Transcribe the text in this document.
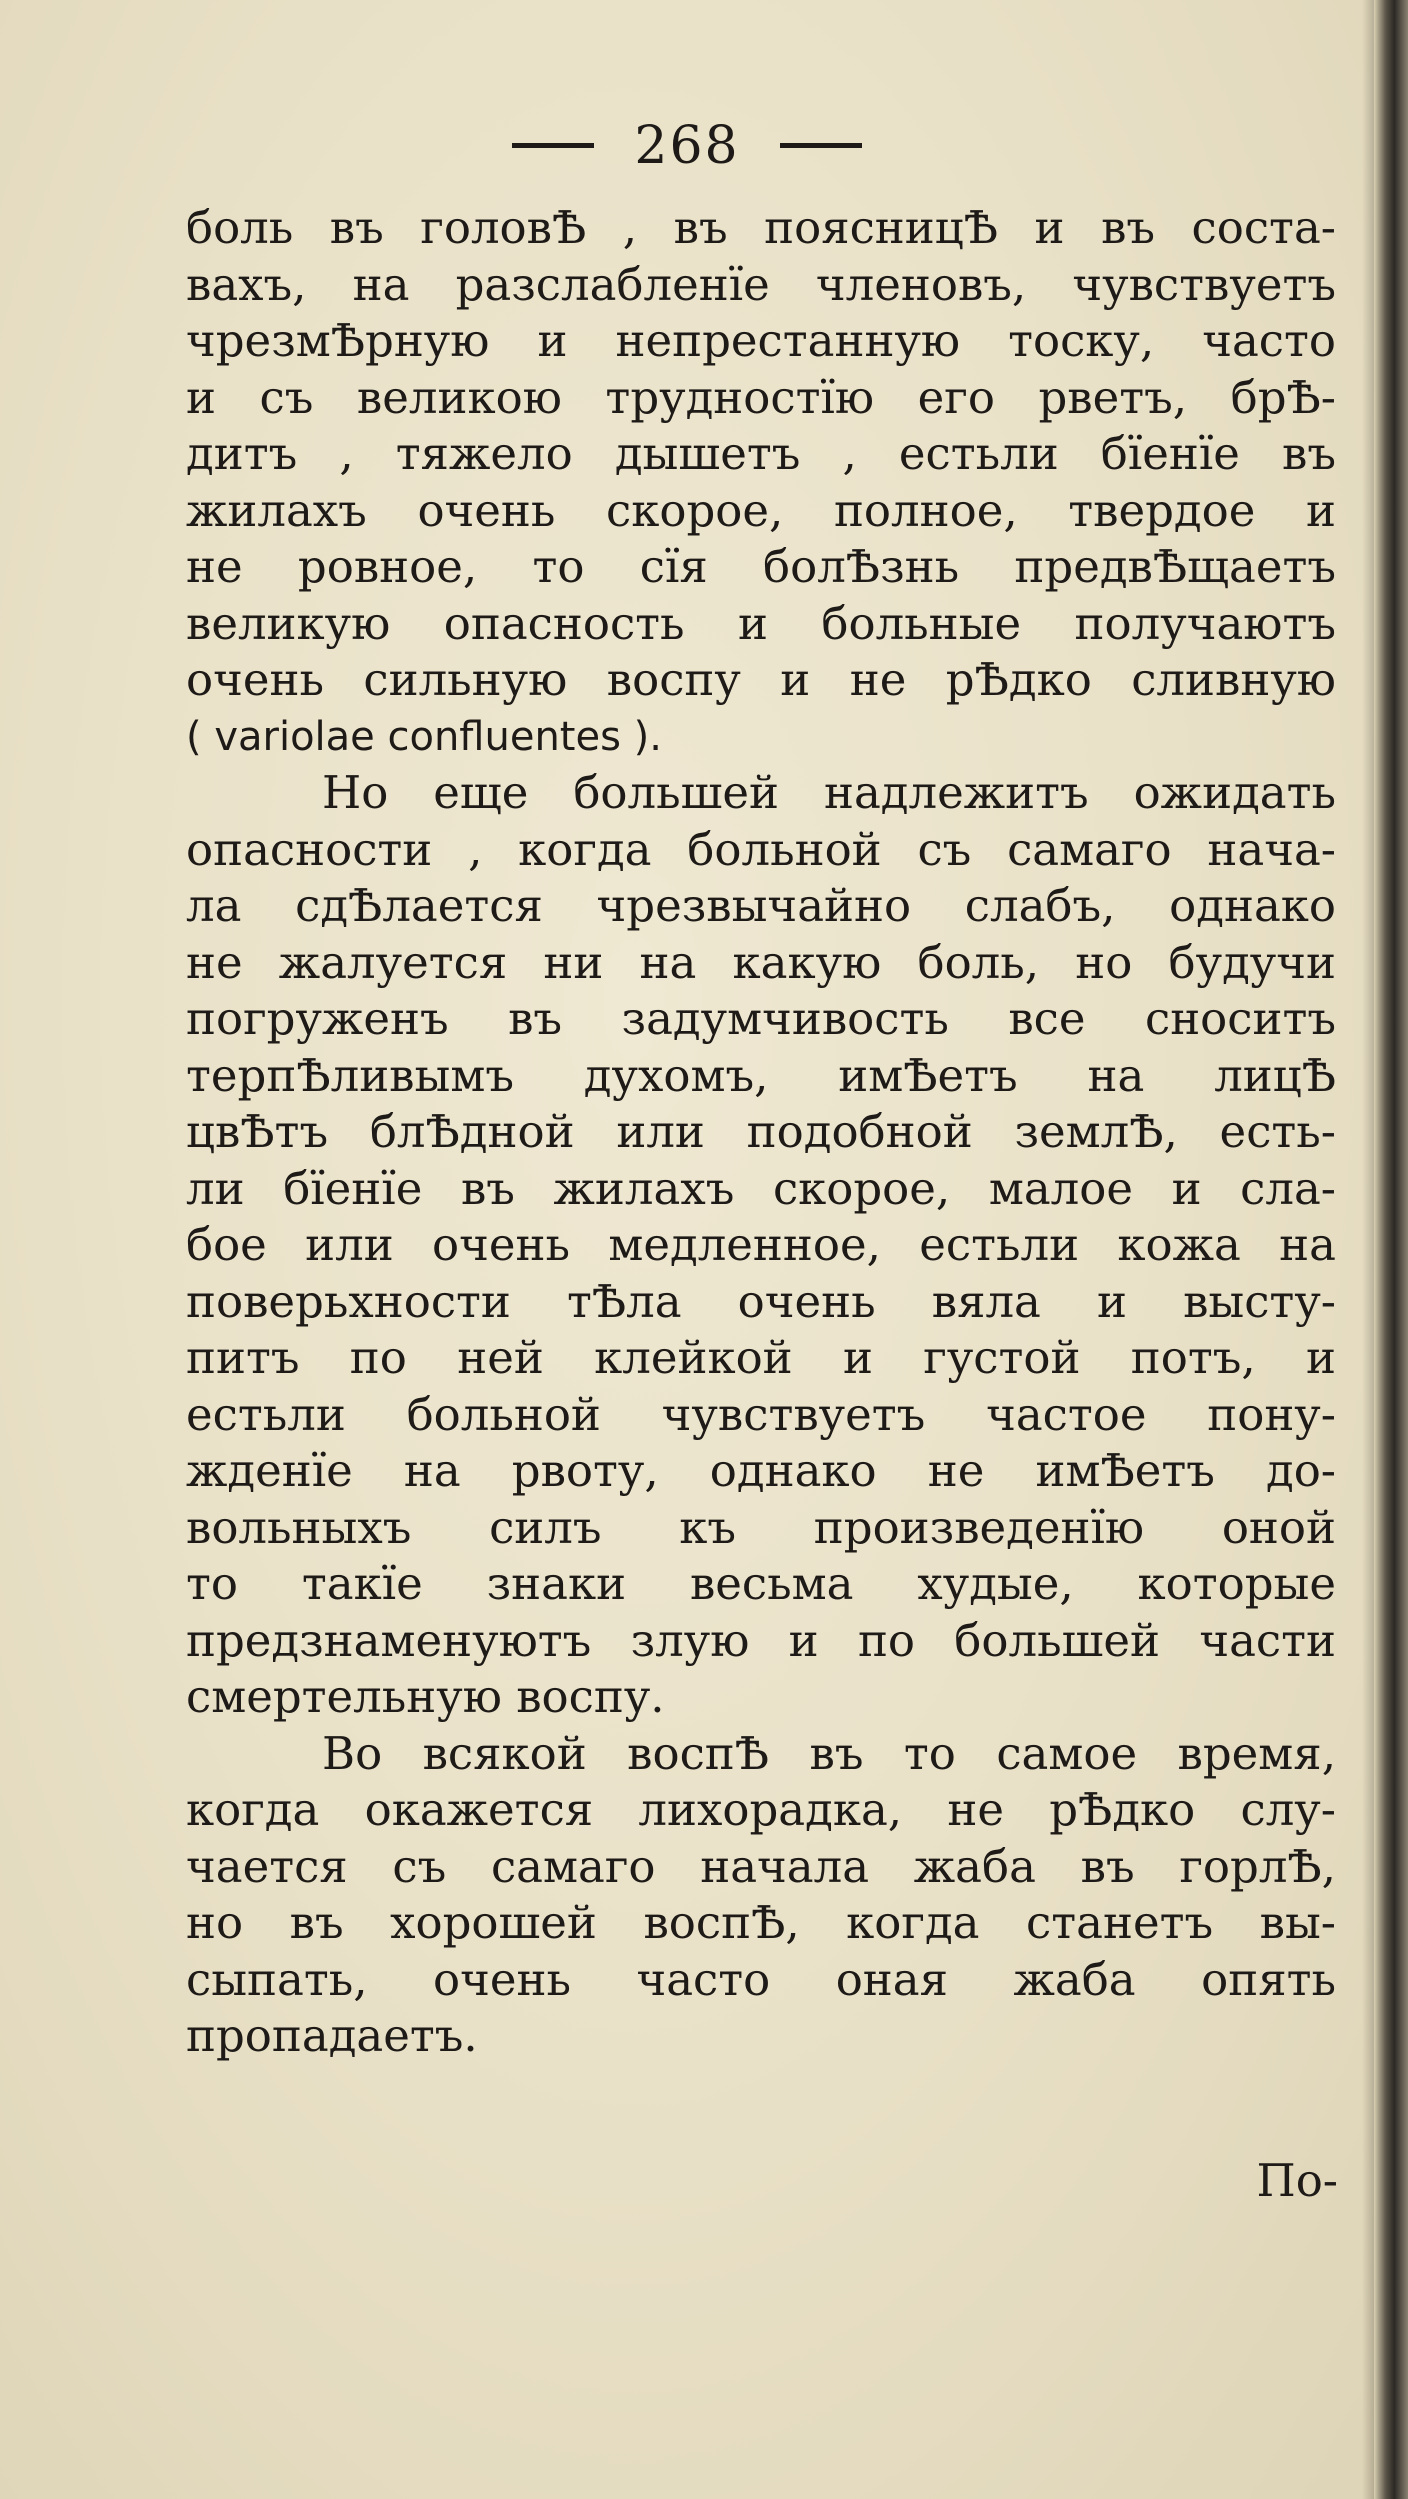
268
боль въ головѢ , въ поясницѢ и въ соста-
вахъ, на разслабленїе членовъ, чувствуетъ
чрезмѢрную и непрестанную тоску, часто
и съ великою трудностїю его рветъ, брѢ-
дитъ , тяжело дышетъ , естьли бїенїе въ
жилахъ очень скорое, полное, твердое и
не ровное, то сїя болѢзнь предвѢщаетъ
великую опасность и больные получаютъ
очень сильную воспу и не рѢдко сливную
( variolae confluentes ).
Но еще большей надлежитъ ожидать
опасности , когда больной съ самаго нача-
ла сдѢлается чрезвычайно слабъ, однако
не жалуется ни на какую боль, но будучи
погруженъ въ задумчивость все сноситъ
терпѢливымъ духомъ, имѢетъ на лицѢ
цвѢтъ блѢдной или подобной землѢ, есть-
ли бїенїе въ жилахъ скорое, малое и сла-
бое или очень медленное, естьли кожа на
поверьхности тѢла очень вяла и высту-
питъ по ней клейкой и густой потъ, и
естьли больной чувствуетъ частое пону-
жденїе на рвоту, однако не имѢетъ до-
вольныхъ силъ къ произведенїю оной
то такїе знаки весьма худые, которые
предзнаменуютъ злую и по большей части
смертельную воспу.
Во всякой воспѢ въ то самое время,
когда окажется лихорадка, не рѢдко слу-
чается съ самаго начала жаба въ горлѢ,
но въ хорошей воспѢ, когда станетъ вы-
сыпать, очень часто оная жаба опять
пропадаетъ.
По-
